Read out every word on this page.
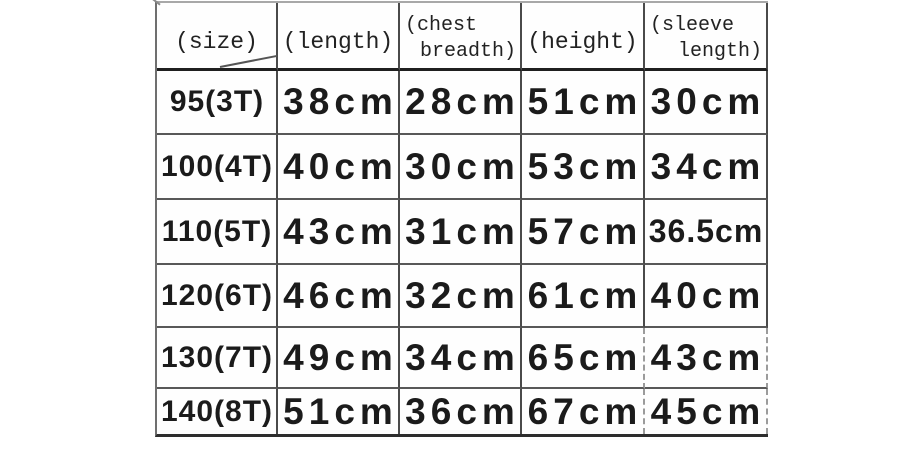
(size) (length)
(chest
breadth) (height)
(sleeve
length)
95(3T) 38cm 28cm 51cm 30cm
100(4T) 40cm 30cm 53cm 34cm
110(5T) 43cm 31cm 57cm 36.5cm
120(6T) 46cm 32cm 61cm 40cm
130(7T) 49cm 34cm 65cm 43cm
140(8T) 51cm 36cm 67cm 45cm
